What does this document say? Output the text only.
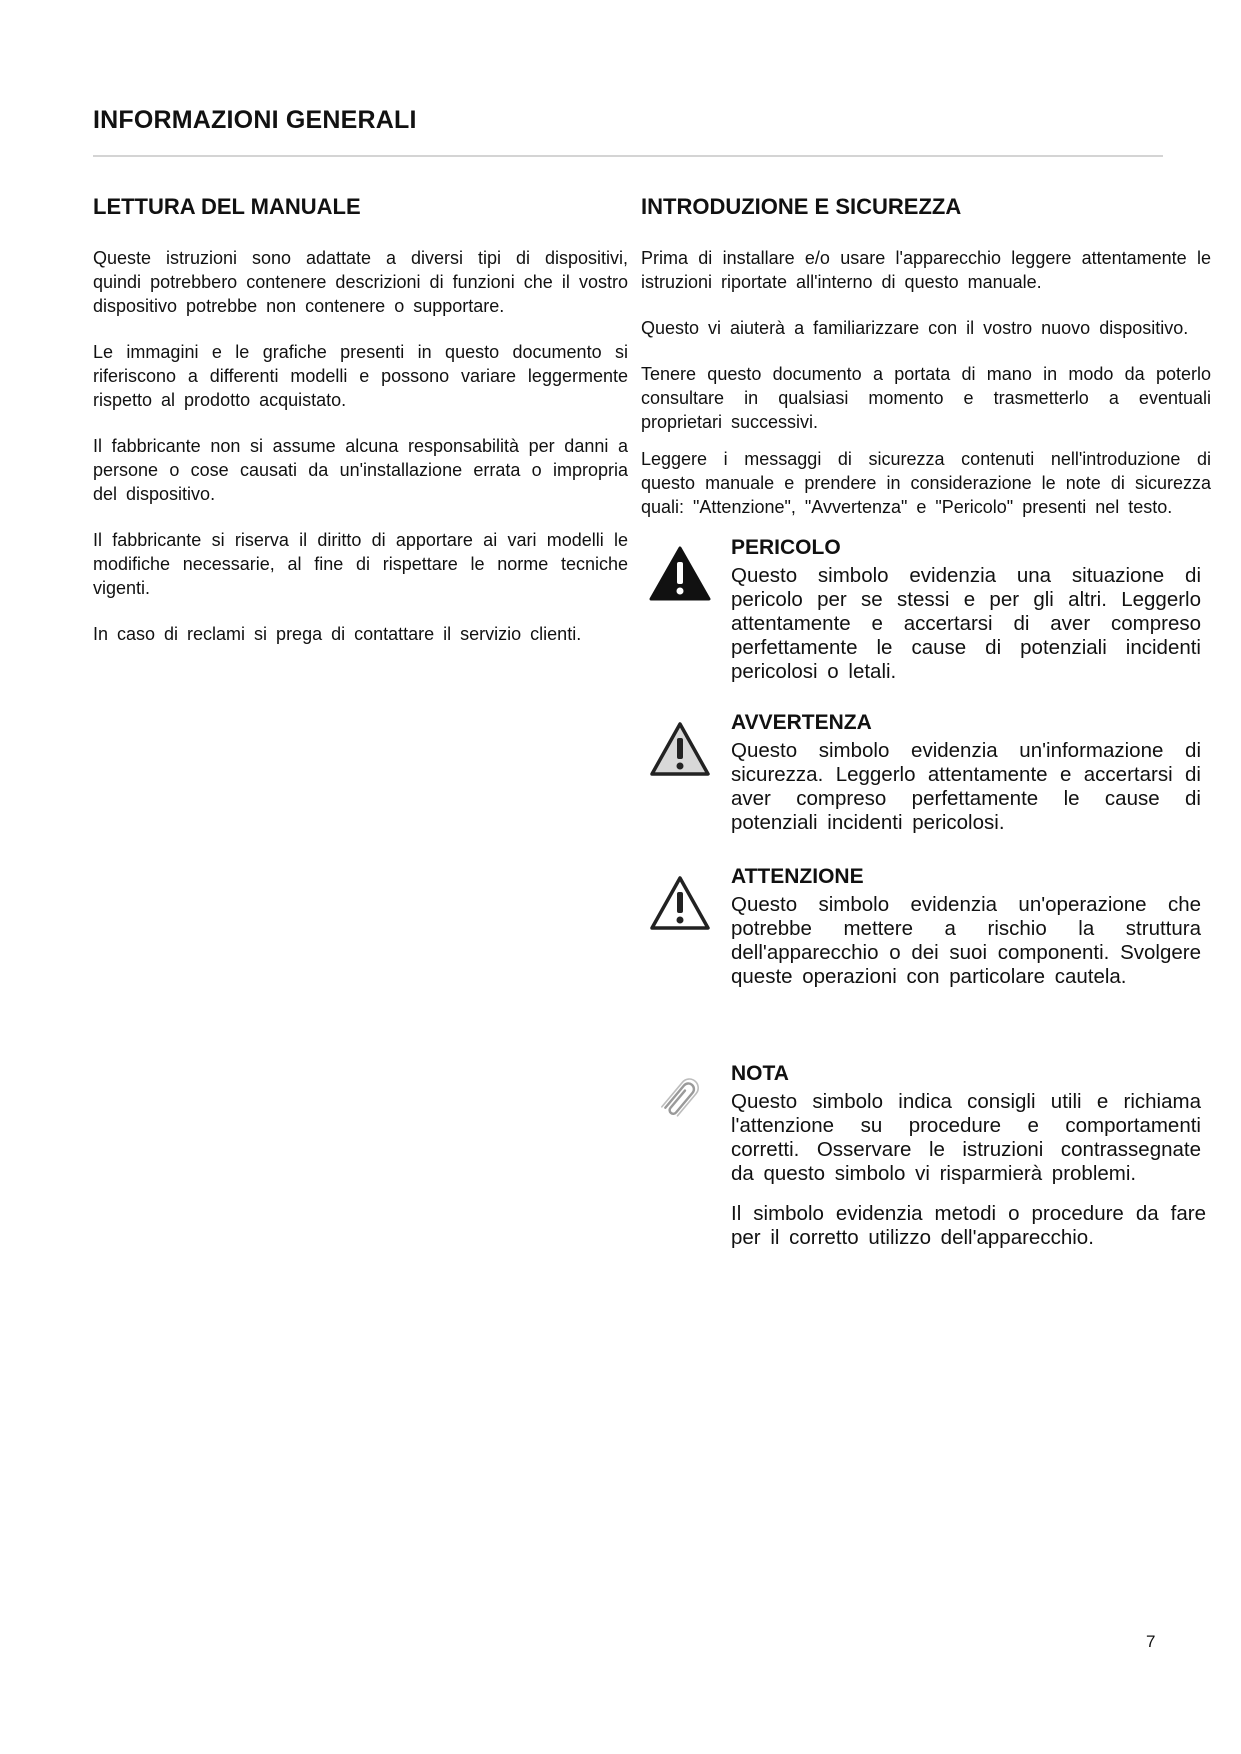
INFORMAZIONI GENERALI
LETTURA DEL MANUALE

Queste istruzioni sono adattate a diversi tipi di dispositivi, quindi potrebbero contenere descrizioni di funzioni che il vostro dispositivo potrebbe non contenere o supportare.

Le immagini e le grafiche presenti in questo documento si riferiscono a differenti modelli e possono variare leggermente rispetto al prodotto acquistato.

Il fabbricante non si assume alcuna responsabilità per danni a persone o cose causati da un'installazione errata o impropria del dispositivo.

Il fabbricante si riserva il diritto di apportare ai vari modelli le modifiche necessarie, al fine di rispettare le norme tecniche vigenti.

In caso di reclami si prega di contattare il servizio clienti.

INTRODUZIONE E SICUREZZA

Prima di installare e/o usare l'apparecchio leggere attentamente le istruzioni riportate all'interno di questo manuale.

Questo vi aiuterà a familiarizzare con il vostro nuovo dispositivo.

Tenere questo documento a portata di mano in modo da poterlo consultare in qualsiasi momento e trasmetterlo a eventuali proprietari successivi.

Leggere i messaggi di sicurezza contenuti nell'introduzione di questo manuale e prendere in considerazione le note di sicurezza quali: "Attenzione", "Avvertenza" e "Pericolo" presenti nel testo.

PERICOLO

Questo simbolo evidenzia una situazione di pericolo per se stessi e per gli altri. Leggerlo attentamente e accertarsi di aver compreso perfettamente le cause di potenziali incidenti pericolosi o letali.

AVVERTENZA

Questo simbolo evidenzia un'informazione di sicurezza. Leggerlo attentamente e accertarsi di aver compreso perfettamente le cause di potenziali incidenti pericolosi.

ATTENZIONE

Questo simbolo evidenzia un'operazione che potrebbe mettere a rischio la struttura dell'apparecchio o dei suoi componenti. Svolgere queste operazioni con particolare cautela.

NOTA

Questo simbolo indica consigli utili e richiama l'attenzione su procedure e comportamenti corretti. Osservare le istruzioni contrassegnate da questo simbolo vi risparmierà problemi.

Il simbolo evidenzia metodi o procedure da fare per il corretto utilizzo dell'apparecchio.

7
